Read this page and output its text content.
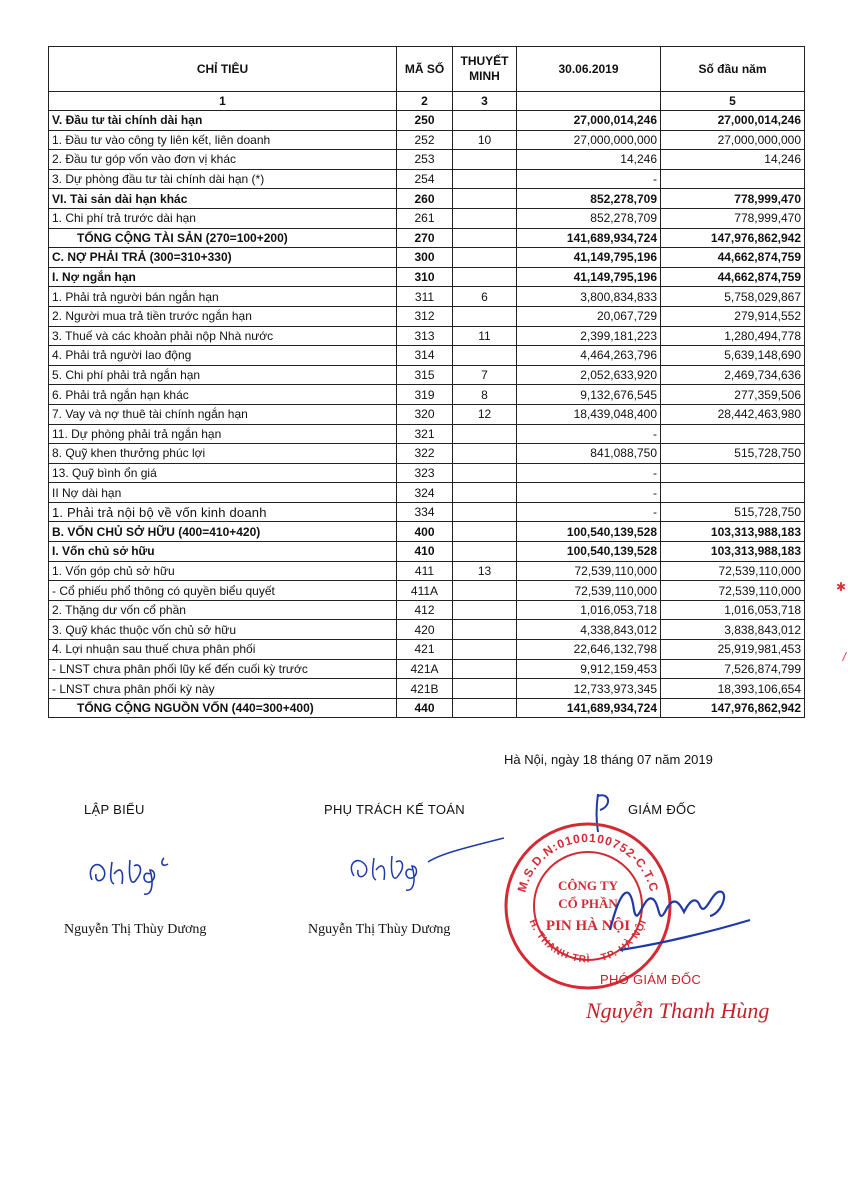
CHỈ TIÊU	MÃ SỐ	THUYẾT MINH	30.06.2019	Số đầu năm
1	2	3		5
V. Đầu tư tài chính dài hạn	250		27,000,014,246	27,000,014,246
1. Đầu tư vào công ty liên kết, liên doanh	252	10	27,000,000,000	27,000,000,000
2. Đầu tư góp vốn vào đơn vị khác	253		14,246	14,246
3. Dự phòng đầu tư tài chính dài hạn (*)	254		-	
VI. Tài sản dài hạn khác	260		852,278,709	778,999,470
1. Chi phí trả trước dài hạn	261		852,278,709	778,999,470
TỔNG CỘNG TÀI SẢN (270=100+200)	270		141,689,934,724	147,976,862,942
C. NỢ PHẢI TRẢ (300=310+330)	300		41,149,795,196	44,662,874,759
I. Nợ ngắn hạn	310		41,149,795,196	44,662,874,759
1. Phải trả người bán ngắn hạn	311	6	3,800,834,833	5,758,029,867
2. Người mua trả tiền trước ngắn hạn	312		20,067,729	279,914,552
3. Thuế và các khoản phải nộp Nhà nước	313	11	2,399,181,223	1,280,494,778
4. Phải trả người lao động	314		4,464,263,796	5,639,148,690
5. Chi phí phải trả ngắn hạn	315	7	2,052,633,920	2,469,734,636
6. Phải trả ngắn hạn khác	319	8	9,132,676,545	277,359,506
7. Vay và nợ thuê tài chính ngắn hạn	320	12	18,439,048,400	28,442,463,980
11. Dự phòng phải trả ngắn hạn	321		-	
8. Quỹ khen thưởng phúc lợi	322		841,088,750	515,728,750
13. Quỹ bình ổn giá	323		-	
II Nợ dài hạn	324		-	
1. Phải trả nội bộ về vốn kinh doanh	334		-	515,728,750
B. VỐN CHỦ SỞ HỮU (400=410+420)	400		100,540,139,528	103,313,988,183
I. Vốn chủ sở hữu	410		100,540,139,528	103,313,988,183
1. Vốn góp chủ sở hữu	411	13	72,539,110,000	72,539,110,000
- Cổ phiếu phổ thông có quyền biểu quyết	411A		72,539,110,000	72,539,110,000
2. Thặng dư vốn cổ phần	412		1,016,053,718	1,016,053,718
3. Quỹ khác thuộc vốn chủ sở hữu	420		4,338,843,012	3,838,843,012
4. Lợi nhuận sau thuế chưa phân phối	421		22,646,132,798	25,919,981,453
- LNST chưa phân phối lũy kế đến cuối kỳ trước	421A		9,912,159,453	7,526,874,799
- LNST chưa phân phối kỳ này	421B		12,733,973,345	18,393,106,654
TỔNG CỘNG NGUỒN VỐN (440=300+400)	440		141,689,934,724	147,976,862,942
Hà Nội, ngày 18 tháng 07 năm 2019
LẬP BIỂU	PHỤ TRÁCH KẾ TOÁN	GIÁM ĐỐC
Nguyễn Thị Thùy Dương	Nguyễn Thị Thùy Dương
M.S.D.N:0100100752-C.T.C
H. THANH TRÌ - TP. HÀ NỘI
CÔNG TY
CỔ PHẦN
PIN HÀ NỘI
PHÓ GIÁM ĐỐC
Nguyễn Thanh Hùng
✱
/
